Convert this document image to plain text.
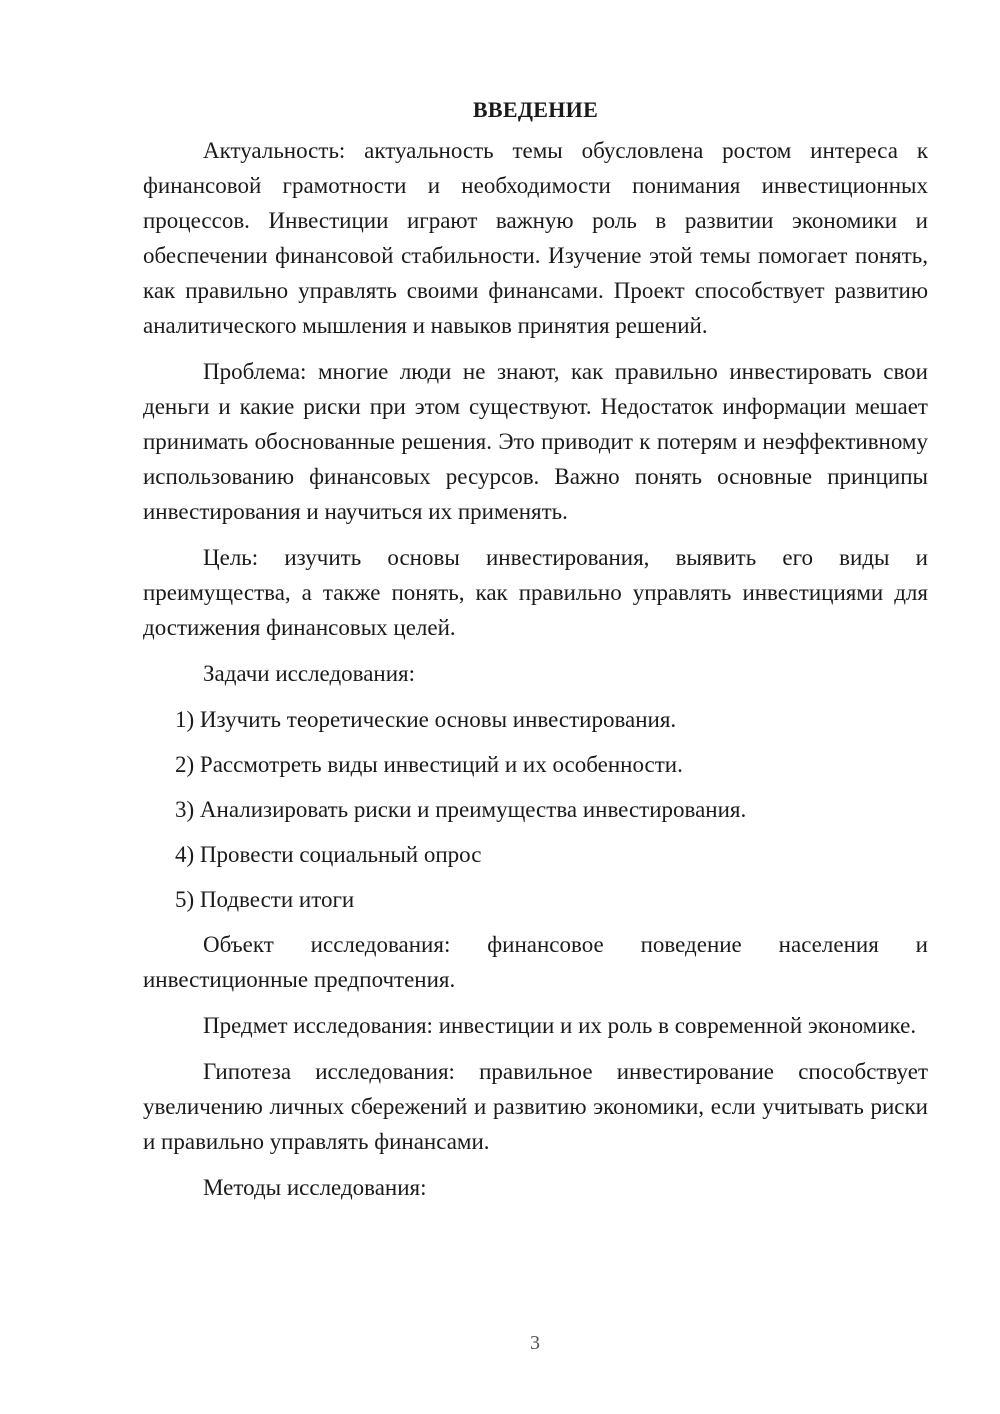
ВВЕДЕНИЕ

Актуальность: актуальность темы обусловлена ростом интереса к финансовой грамотности и необходимости понимания инвестиционных процессов. Инвестиции играют важную роль в развитии экономики и обеспечении финансовой стабильности. Изучение этой темы помогает понять, как правильно управлять своими финансами. Проект способствует развитию аналитического мышления и навыков принятия решений.

Проблема: многие люди не знают, как правильно инвестировать свои деньги и какие риски при этом существуют. Недостаток информации мешает принимать обоснованные решения. Это приводит к потерям и неэффективному использованию финансовых ресурсов. Важно понять основные принципы инвестирования и научиться их применять.

Цель: изучить основы инвестирования, выявить его виды и преимущества, а также понять, как правильно управлять инвестициями для достижения финансовых целей.

Задачи исследования:

1) Изучить теоретические основы инвестирования.

2) Рассмотреть виды инвестиций и их особенности.

3) Анализировать риски и преимущества инвестирования.

4) Провести социальный опрос

5) Подвести итоги

Объект исследования: финансовое поведение населения и инвестиционные предпочтения.

Предмет исследования: инвестиции и их роль в современной экономике.

Гипотеза исследования: правильное инвестирование способствует увеличению личных сбережений и развитию экономики, если учитывать риски и правильно управлять финансами.

Методы исследования:

3
